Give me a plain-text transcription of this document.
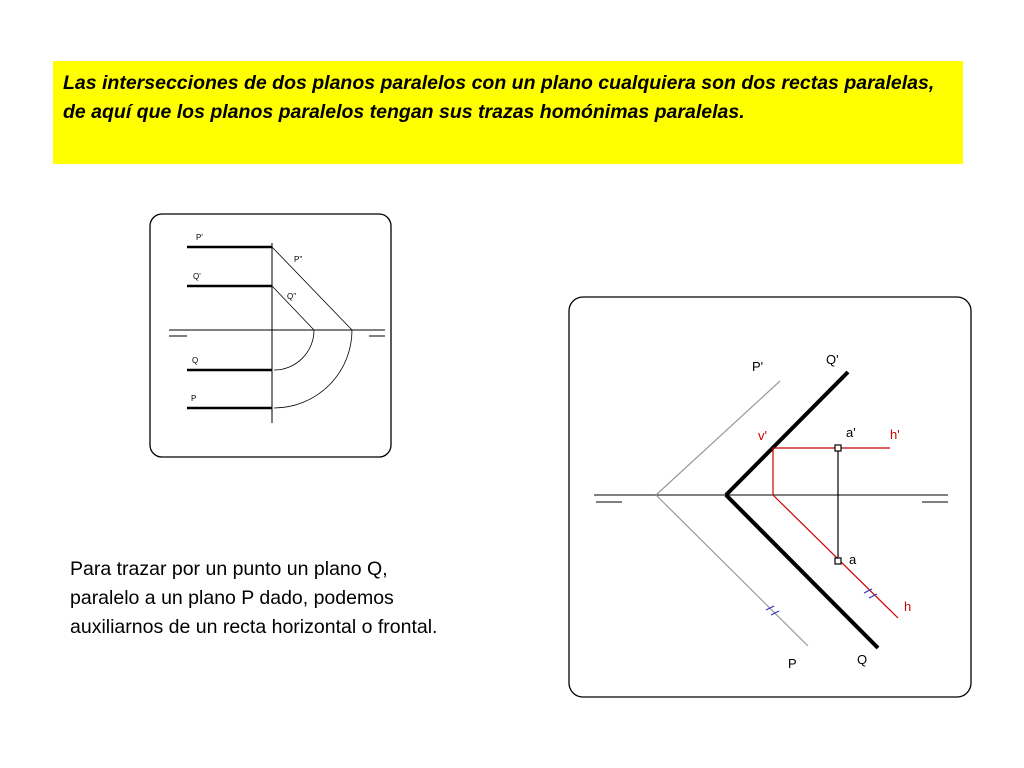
Las intersecciones de dos planos paralelos con un plano cualquiera son dos rectas paralelas, de aquí que los planos paralelos tengan sus trazas homónimas paralelas.

P'
P''
Q'
Q''
Q
P
P'	Q'
v'	a'	h'
a
h
P	Q
Para trazar por un punto un plano Q,
paralelo a un plano P dado, podemos
auxiliarnos de un recta horizontal o frontal.
